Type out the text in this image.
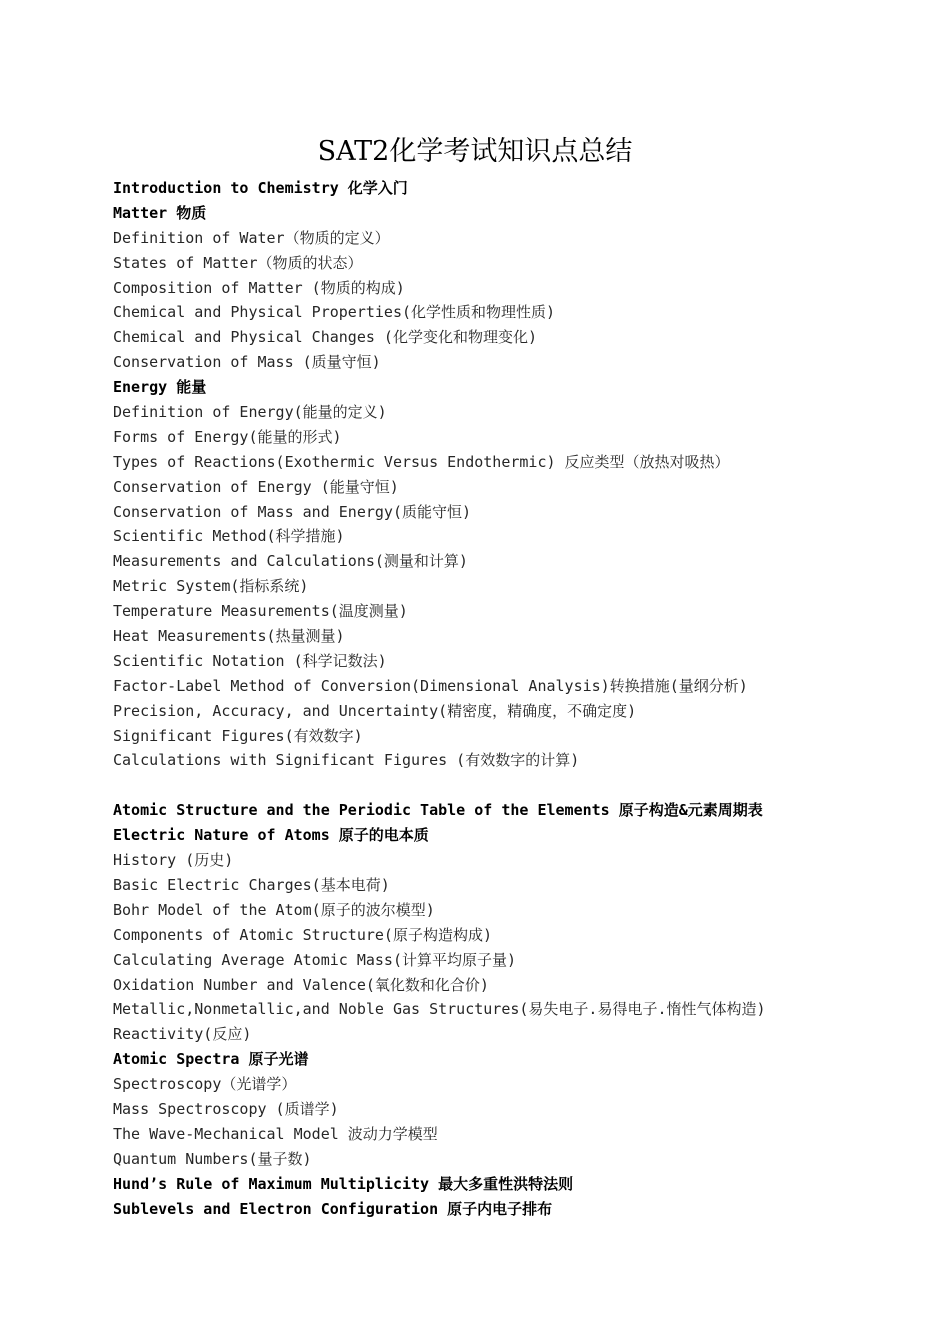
SAT2化学考试知识点总结
Introduction to Chemistry 化学入门
Matter 物质
Definition of Water（物质的定义）
States of Matter（物质的状态）
Composition of Matter (物质的构成)
Chemical and Physical Properties(化学性质和物理性质)
Chemical and Physical Changes (化学变化和物理变化)
Conservation of Mass (质量守恒)
Energy 能量
Definition of Energy(能量的定义)
Forms of Energy(能量的形式)
Types of Reactions(Exothermic Versus Endothermic) 反应类型（放热对吸热）
Conservation of Energy (能量守恒)
Conservation of Mass and Energy(质能守恒)
Scientific Method(科学措施)
Measurements and Calculations(测量和计算)
Metric System(指标系统)
Temperature Measurements(温度测量)
Heat Measurements(热量测量)
Scientific Notation (科学记数法)
Factor-Label Method of Conversion(Dimensional Analysis)转换措施(量纲分析)
Precision, Accuracy, and Uncertainty(精密度，精确度，不确定度)
Significant Figures(有效数字)
Calculations with Significant Figures (有效数字的计算)
Atomic Structure and the Periodic Table of the Elements 原子构造&元素周期表
Electric Nature of Atoms 原子的电本质
History (历史)
Basic Electric Charges(基本电荷)
Bohr Model of the Atom(原子的波尔模型)
Components of Atomic Structure(原子构造构成)
Calculating Average Atomic Mass(计算平均原子量)
Oxidation Number and Valence(氧化数和化合价)
Metallic,Nonmetallic,and Noble Gas Structures(易失电子.易得电子.惰性气体构造)
Reactivity(反应)
Atomic Spectra 原子光谱
Spectroscopy（光谱学）
Mass Spectroscopy (质谱学)
The Wave-Mechanical Model 波动力学模型
Quantum Numbers(量子数)
Hund’s Rule of Maximum Multiplicity 最大多重性洪特法则
Sublevels and Electron Configuration 原子内电子排布
